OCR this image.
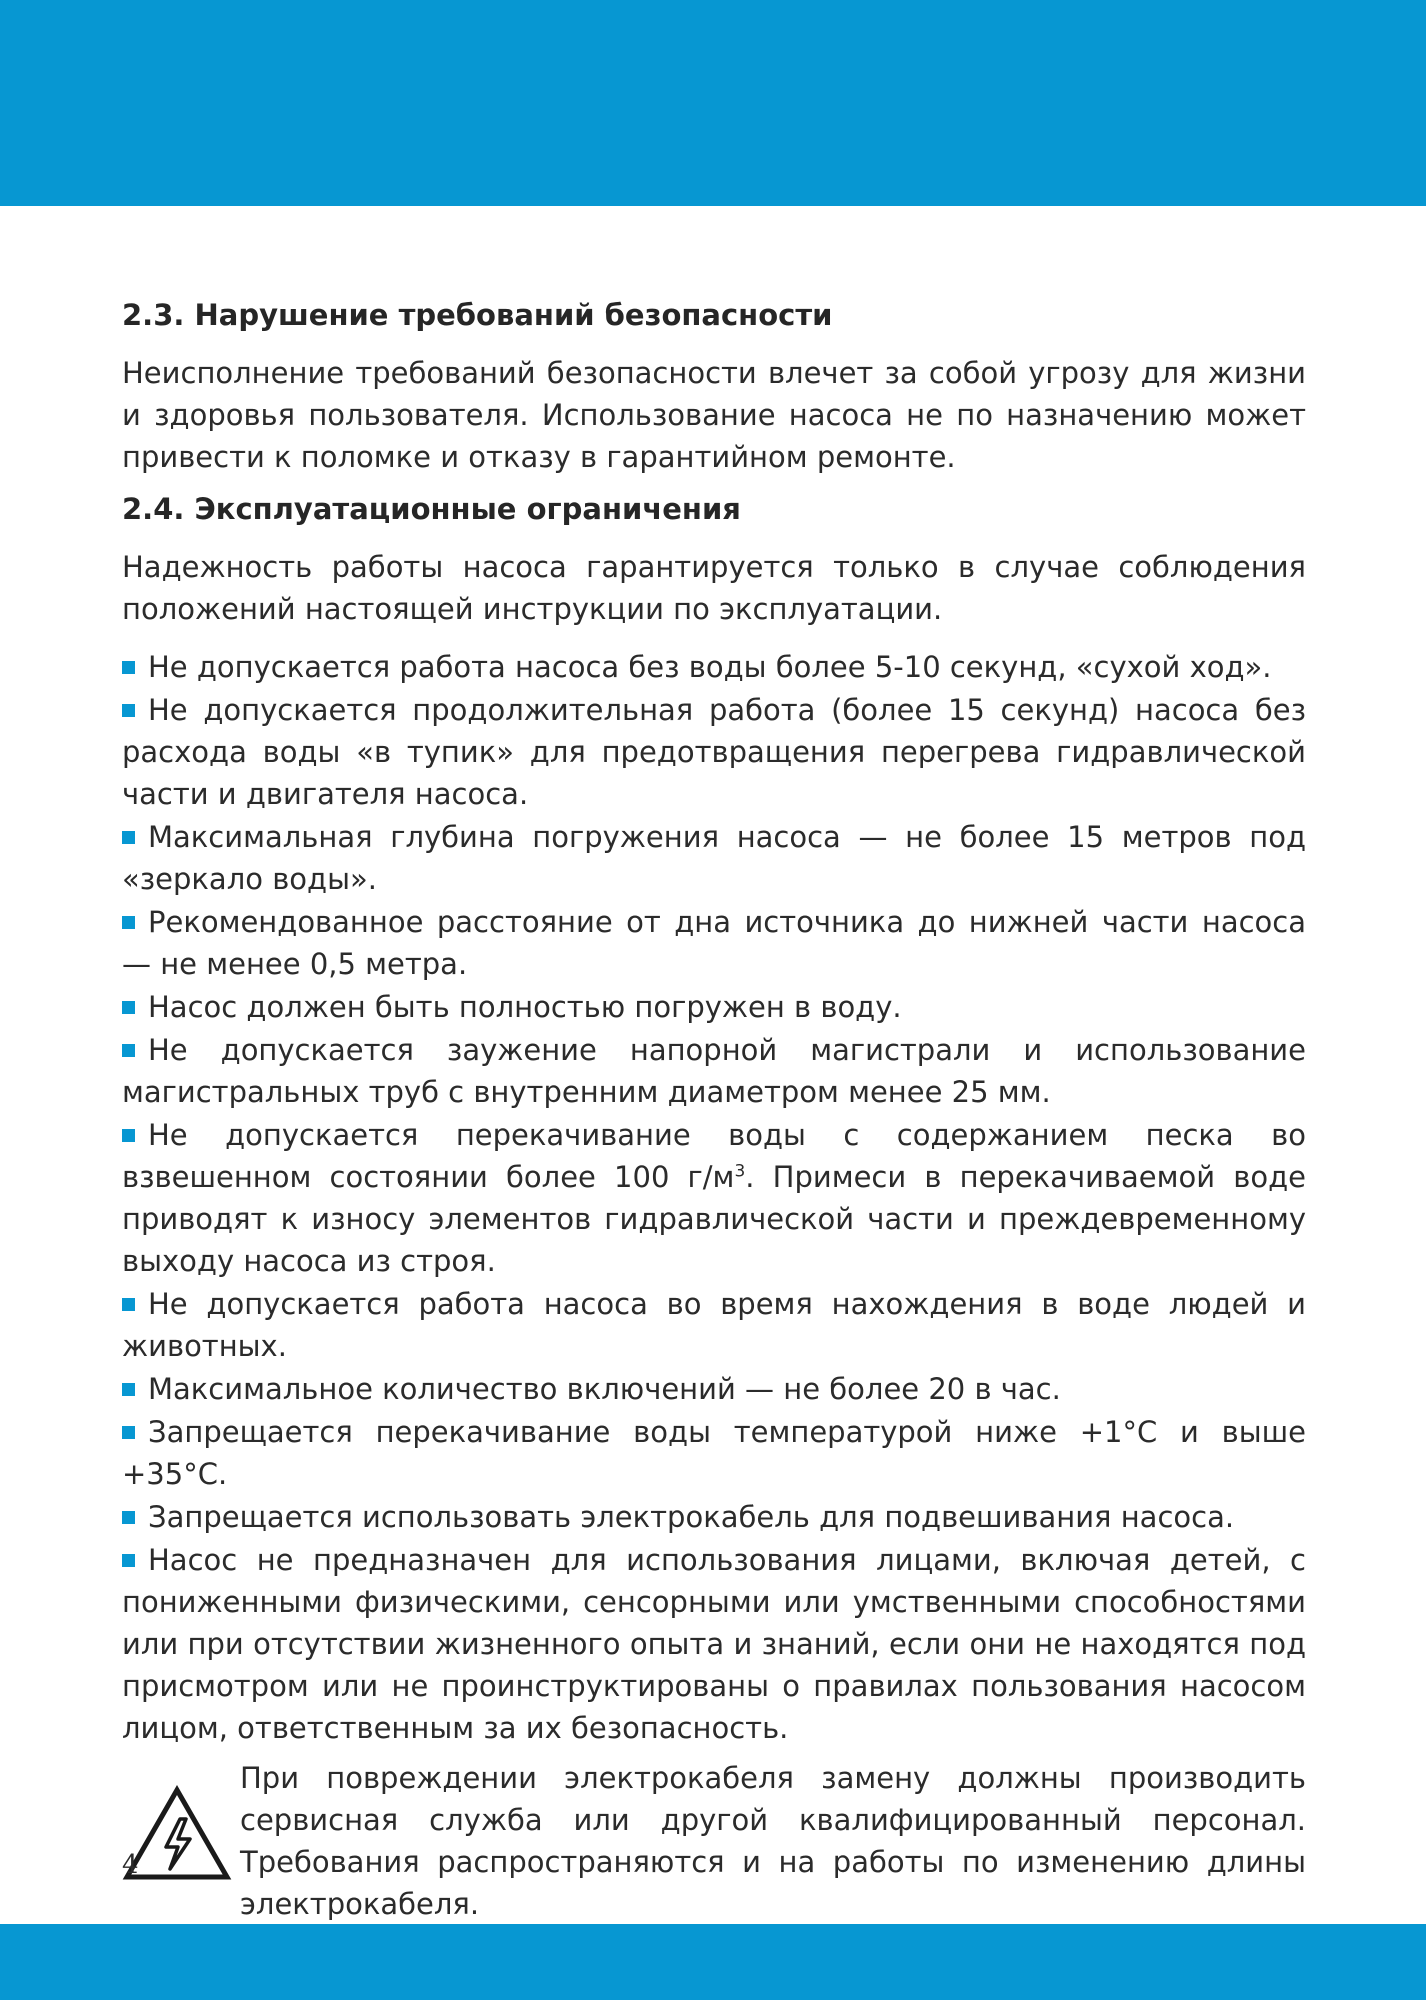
2.3. Нарушение требований безопасности

Неисполнение требований безопасности влечет за собой угрозу для жизни и здоровья пользователя. Использование насоса не по назначению может привести к поломке и отказу в гарантийном ремонте.

2.4. Эксплуатационные ограничения

Надежность работы насоса гарантируется только в случае соблюдения положений настоящей инструкции по эксплуатации.

Не допускается работа насоса без воды более 5-10 секунд, «сухой ход».

Не допускается продолжительная работа (более 15 секунд) насоса без расхода воды «в тупик» для предотвращения перегрева гидравлической части и двигателя насоса.

Максимальная глубина погружения насоса — не более 15 метров под «зеркало воды».

Рекомендованное расстояние от дна источника до нижней части насоса — не менее 0,5 метра.

Насос должен быть полностью погружен в воду.

Не допускается заужение напорной магистрали и использование магистральных труб с внутренним диаметром менее 25 мм.

Не допускается перекачивание воды с содержанием песка во взвешенном состоянии более 100 $г/м^3$. Примеси в перекачиваемой воде приводят к износу элементов гидравлической части и преждевременному выходу насоса из строя.

Не допускается работа насоса во время нахождения в воде людей и животных.

Максимальное количество включений — не более 20 в час.

Запрещается перекачивание воды температурой ниже +1°С и выше +35°С.

Запрещается использовать электрокабель для подвешивания насоса.

Насос не предназначен для использования лицами, включая детей, с пониженными физическими, сенсорными или умственными способностями или при отсутствии жизненного опыта и знаний, если они не находятся под присмотром или не проинструктированы о правилах пользования насосом лицом, ответственным за их безопасность.

При повреждении электрокабеля замену должны производить сервисная служба или другой квалифицированный персонал. Требования распространяются и на работы по изменению длины электрокабеля.
4
